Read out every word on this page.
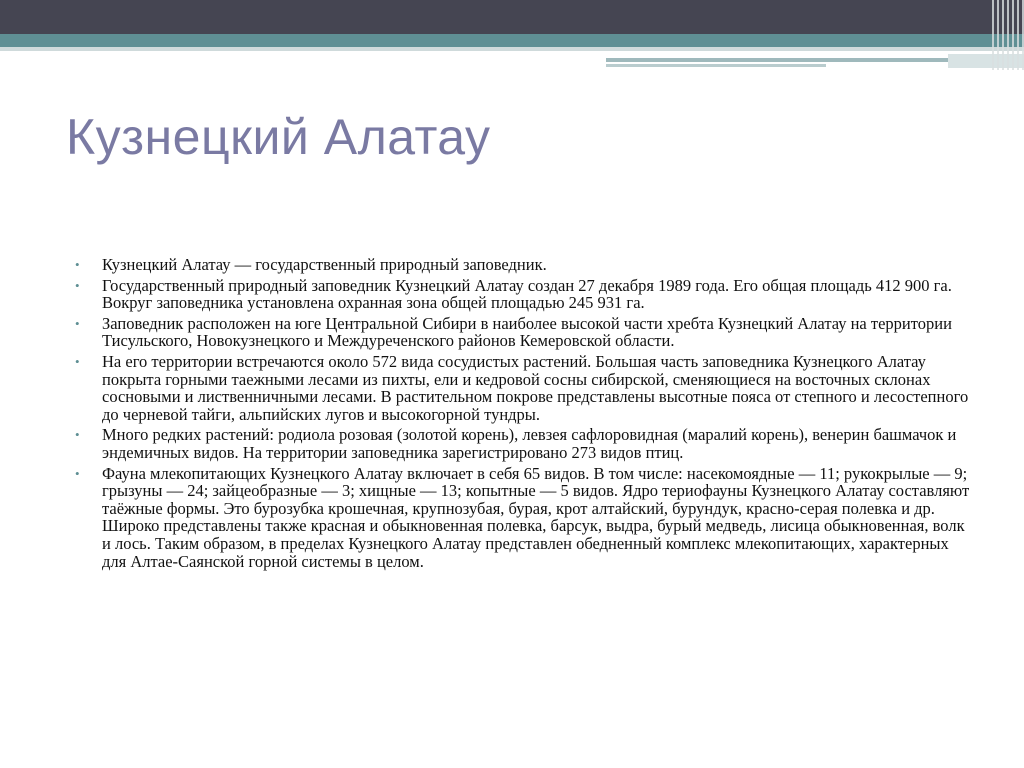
Кузнецкий Алатау
• Кузнецкий Алатау — государственный природный заповедник.
• Государственный природный заповедник Кузнецкий Алатау создан 27 декабря 1989 года. Его общая площадь 412 900 га. Вокруг заповедника установлена охранная зона общей площадью 245 931 га.
• Заповедник расположен на юге Центральной Сибири в наиболее высокой части хребта Кузнецкий Алатау на территории Тисульского, Новокузнецкого и Междуреченского районов Кемеровской области.
• На его территории встречаются около 572 вида сосудистых растений. Большая часть заповедника Кузнецкого Алатау покрыта горными таежными лесами из пихты, ели и кедровой сосны сибирской, сменяющиеся на восточных склонах сосновыми и лиственничными лесами. В растительном покрове представлены высотные пояса от степного и лесостепного до черневой тайги, альпийских лугов и высокогорной тундры.
• Много редких растений: родиола розовая (золотой корень), левзея сафлоровидная (маралий корень), венерин башмачок и эндемичных видов. На территории заповедника зарегистрировано 273 видов птиц.
• Фауна млекопитающих Кузнецкого Алатау включает в себя 65 видов. В том числе: насекомоядные — 11; рукокрылые — 9; грызуны — 24; зайцеобразные — 3; хищные — 13; копытные — 5 видов. Ядро териофауны Кузнецкого Алатау составляют таёжные формы. Это бурозубка крошечная, крупнозубая, бурая, крот алтайский, бурундук, красно-серая полевка и др. Широко представлены также красная и обыкновенная полевка, барсук, выдра, бурый медведь, лисица обыкновенная, волк и лось. Таким образом, в пределах Кузнецкого Алатау представлен обедненный комплекс млекопитающих, характерных для Алтае-Саянской горной системы в целом.
